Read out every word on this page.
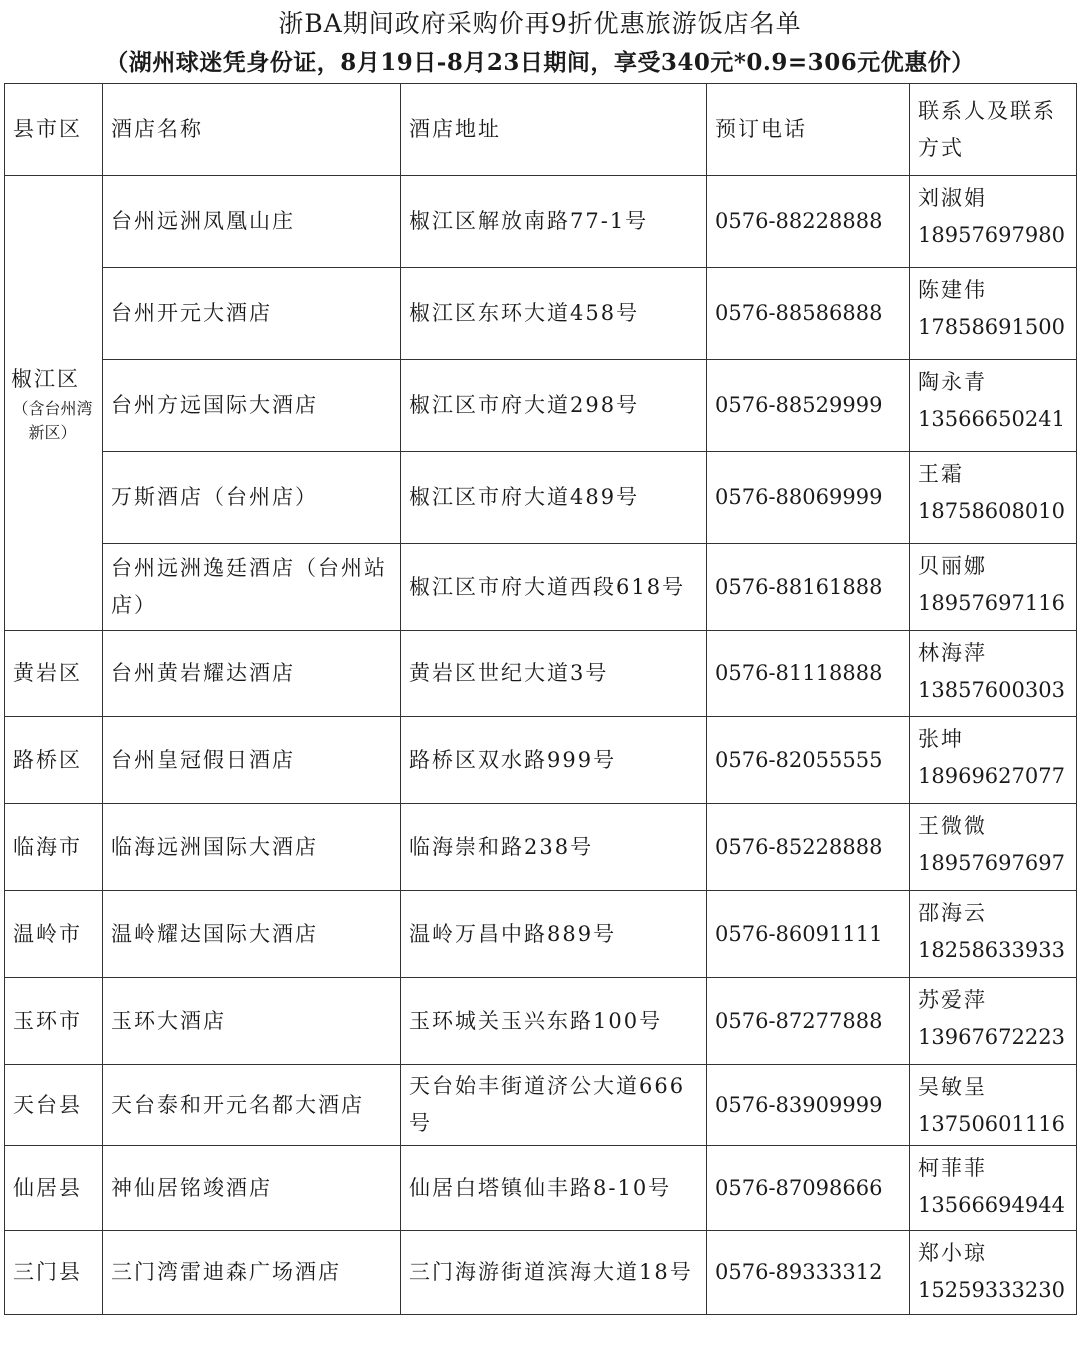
浙BA期间政府采购价再9折优惠旅游饭店名单
（湖州球迷凭身份证，8月19日-8月23日期间，享受340元*0.9=306元优惠价）
县市区	酒店名称	酒店地址	预订电话	联系人及联系方式

椒江区
（含台州湾新区）	台州远洲凤凰山庄	椒江区解放南路77-1号	0576-88228888	刘淑娟
18957697980

	台州开元大酒店	椒江区东环大道458号	0576-88586888	陈建伟
17858691500

	台州方远国际大酒店	椒江区市府大道298号	0576-88529999	陶永青
13566650241

	万斯酒店（台州店）	椒江区市府大道489号	0576-88069999	王霜
18758608010

	台州远洲逸廷酒店（台州站店）	椒江区市府大道西段618号	0576-88161888	贝丽娜
18957697116

黄岩区	台州黄岩耀达酒店	黄岩区世纪大道3号	0576-81118888	林海萍
13857600303

路桥区	台州皇冠假日酒店	路桥区双水路999号	0576-82055555	张坤
18969627077

临海市	临海远洲国际大酒店	临海崇和路238号	0576-85228888	王微微
18957697697

温岭市	温岭耀达国际大酒店	温岭万昌中路889号	0576-86091111	邵海云
18258633933

玉环市	玉环大酒店	玉环城关玉兴东路100号	0576-87277888	苏爱萍
13967672223

天台县	天台泰和开元名都大酒店	天台始丰街道济公大道666号	0576-83909999	吴敏呈
13750601116

仙居县	神仙居铭竣酒店	仙居白塔镇仙丰路8-10号	0576-87098666	柯菲菲
13566694944

三门县	三门湾雷迪森广场酒店	三门海游街道滨海大道18号	0576-89333312	郑小琼
15259333230
